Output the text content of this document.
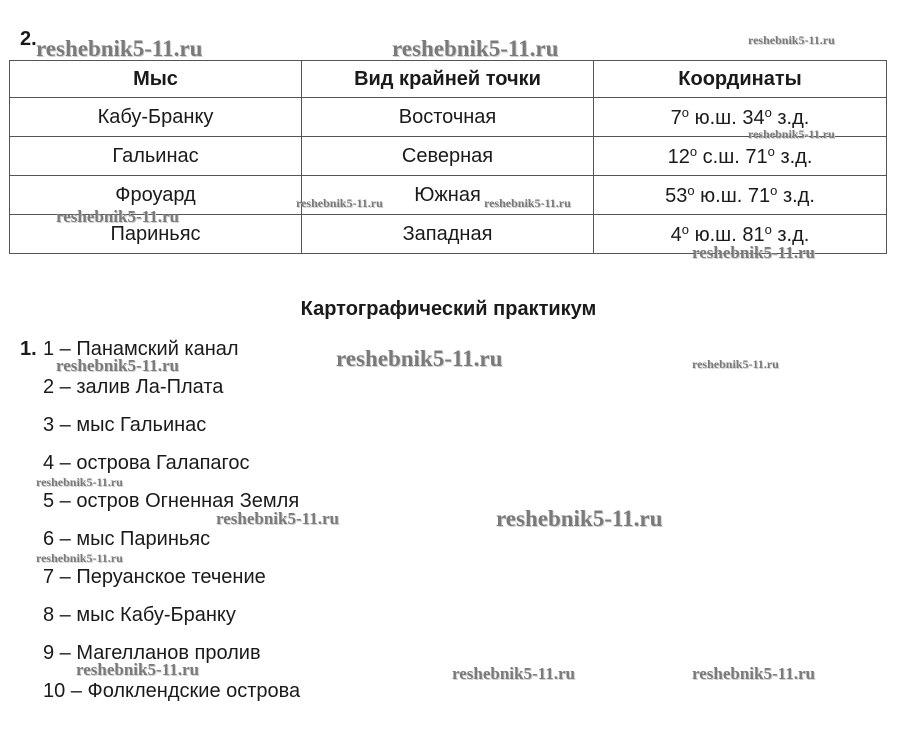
2.
Мыс	Вид крайней точки	Координаты
Кабу-Бранку	Восточная	$7^о$ ю.ш. $34^о$ з.д.
Гальинас	Северная	$12^о$ с.ш. $71^о$ з.д.
Фроуард	Южная	$53^о$ ю.ш. $71^о$ з.д.
Париньяс	Западная	$4^о$ ю.ш. $81^о$ з.д.
Картографический практикум
1. 1 – Панамский канал
2 – залив Ла-Плата
3 – мыс Гальинас
4 – острова Галапагос
5 – остров Огненная Земля
6 – мыс Париньяс
7 – Перуанское течение
8 – мыс Кабу-Бранку
9 – Магелланов пролив
10 – Фолклендские острова
reshebnik5-11.ru	reshebnik5-11.ru	reshebnik5-11.ru
reshebnik5-11.ru
reshebnik5-11.ru	reshebnik5-11.ru
reshebnik5-11.ru
reshebnik5-11.ru
reshebnik5-11.ru	reshebnik5-11.ru
reshebnik5-11.ru
reshebnik5-11.ru
reshebnik5-11.ru	reshebnik5-11.ru
reshebnik5-11.ru
reshebnik5-11.ru	reshebnik5-11.ru	reshebnik5-11.ru
